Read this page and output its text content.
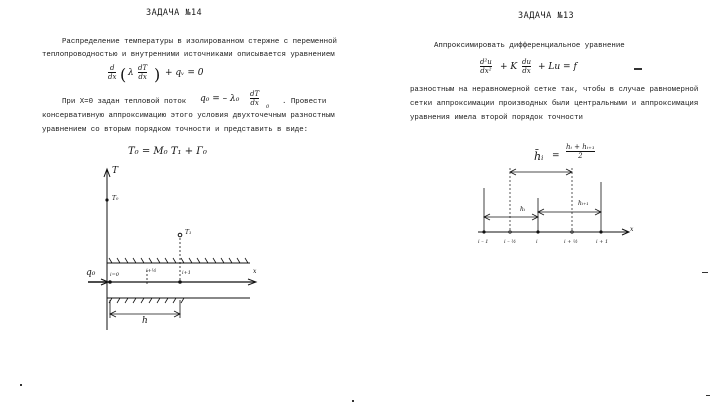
ЗАДАЧА №14
Распределение температуры в изолированном стержне с переменной
теплопроводностью и внутренними источниками описывается уравнением
d
dx ( λ dT
dx ) + qᵥ = 0
При X=0 задан тепловой поток q₀ = – λ₀ dT
dx 0
. Провести
консервативную аппроксимацию этого условия двухточечным разностным
уравнением со вторым порядком точности и представить в виде:
T₀ = M₀ T₁ + Г₀
T
T₀
T₁
q₀	x
i=0
i+½	i+1
h
ЗАДАЧА №13
Аппроксимировать дифференциальное уравнение
d²u
dx² + K du
dx + Lu = f
разностным на неравномерной сетке так, чтобы в случае равномерной
сетки аппроксимации производных были центральными и аппроксимация
уравнения имела второй порядок точности
h̄ᵢ =
hᵢ + hᵢ₊₁
2
hᵢ
hᵢ₊₁
x
i – 1	i – ½	i	i + ½	i + 1
